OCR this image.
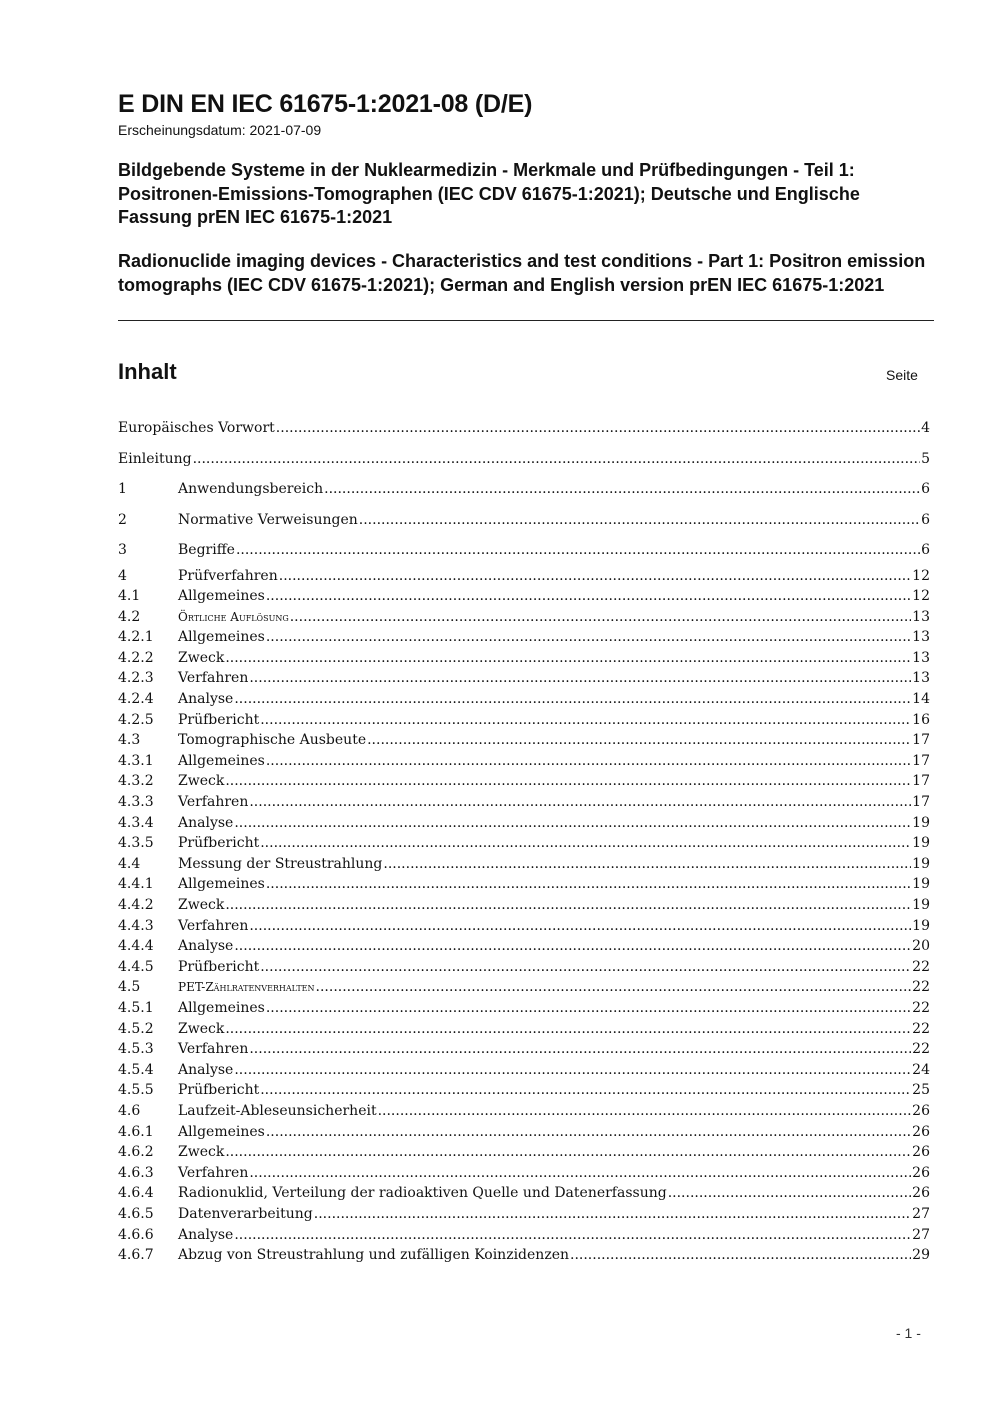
E DIN EN IEC 61675-1:2021-08 (D/E)

Erscheinungsdatum: 2021-07-09

Bildgebende Systeme in der Nuklearmedizin - Merkmale und Prüfbedingungen - Teil 1: Positronen-Emissions-Tomographen (IEC CDV 61675-1:2021); Deutsche und Englische Fassung prEN IEC 61675-1:2021
Radionuclide imaging devices - Characteristics and test conditions - Part 1: Positron emission tomographs (IEC CDV 61675-1:2021); German and English version prEN IEC 61675-1:2021
Inhalt	Seite
Europäisches Vorwort .....	4
Einleitung .....	5
1	Anwendungsbereich .....	6
2	Normative Verweisungen .....	6
3	Begriffe .....	6
4	Prüfverfahren .....	12
4.1	Allgemeines .....	12
4.2	Örtliche Auflösung .....	13
4.2.1 Allgemeines .....	13
4.2.2 Zweck .....	13
4.2.3 Verfahren .....	13
4.2.4 Analyse .....	14
4.2.5 Prüfbericht .....	16
4.3	Tomographische Ausbeute .....	17
4.3.1 Allgemeines .....	17
4.3.2 Zweck .....	17
4.3.3 Verfahren .....	17
4.3.4 Analyse .....	19
4.3.5 Prüfbericht .....	19
4.4	Messung der Streustrahlung .....	19
4.4.1 Allgemeines .....	19
4.4.2 Zweck .....	19
4.4.3 Verfahren .....	19
4.4.4 Analyse .....	20
4.4.5 Prüfbericht .....	22
4.5	PET-Zählratenverhalten .....	22
4.5.1 Allgemeines .....	22
4.5.2 Zweck .....	22
4.5.3 Verfahren .....	22
4.5.4 Analyse .....	24
4.5.5 Prüfbericht .....	25
4.6	Laufzeit-Ableseunsicherheit .....	26
4.6.1 Allgemeines .....	26
4.6.2 Zweck .....	26
4.6.3 Verfahren .....	26
4.6.4 Radionuklid, Verteilung der radioaktiven Quelle und Datenerfassung .....	26
4.6.5 Datenverarbeitung .....	27
4.6.6 Analyse .....	27
4.6.7 Abzug von Streustrahlung und zufälligen Koinzidenzen .....	29
- 1 -
